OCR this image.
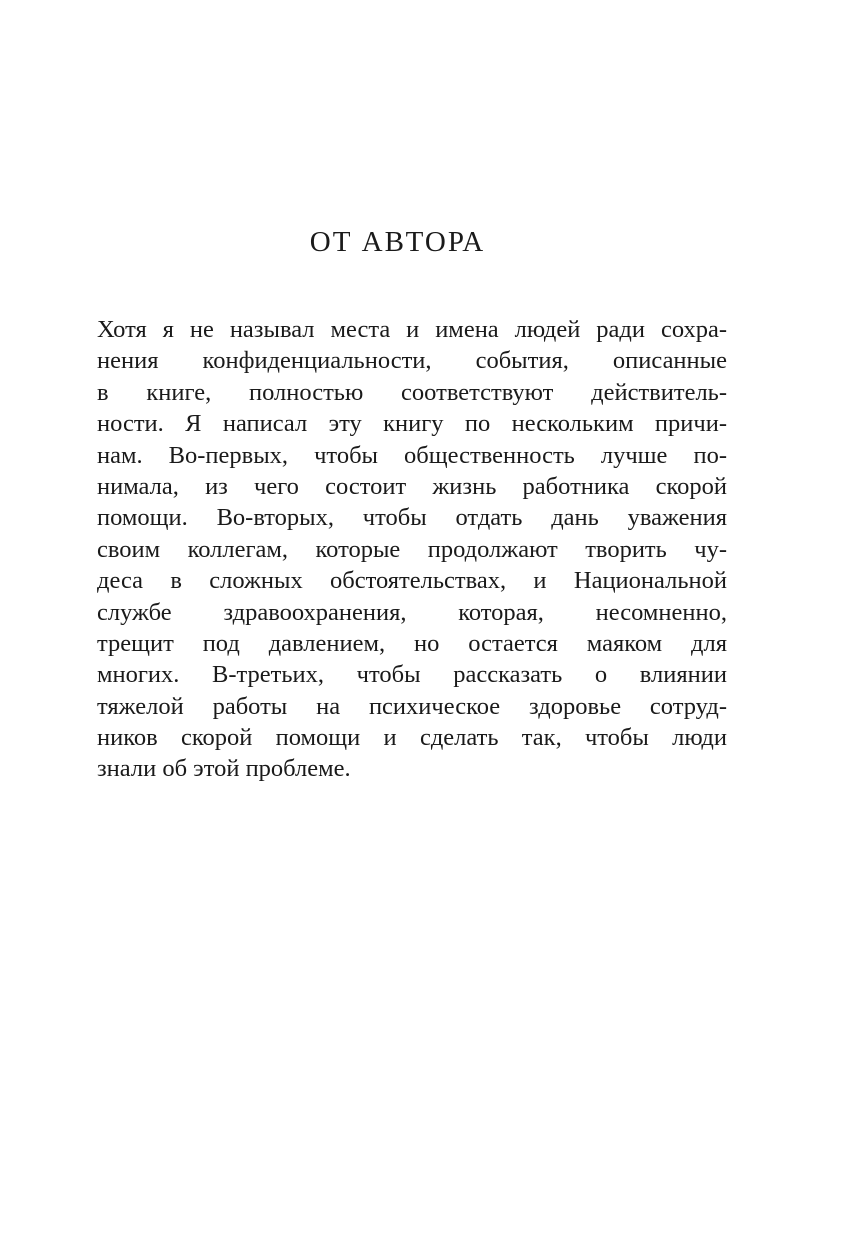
ОТ АВТОРА
Хотя я не называл места и имена людей ради сохра-
нения конфиденциальности, события, описанные
в книге, полностью соответствуют действитель-
ности. Я написал эту книгу по нескольким причи-
нам. Во-первых, чтобы общественность лучше по-
нимала, из чего состоит жизнь работника скорой
помощи. Во-вторых, чтобы отдать дань уважения
своим коллегам, которые продолжают творить чу-
деса в сложных обстоятельствах, и Национальной
службе здравоохранения, которая, несомненно,
трещит под давлением, но остается маяком для
многих. В-третьих, чтобы рассказать о влиянии
тяжелой работы на психическое здоровье сотруд-
ников скорой помощи и сделать так, чтобы люди
знали об этой проблеме.
